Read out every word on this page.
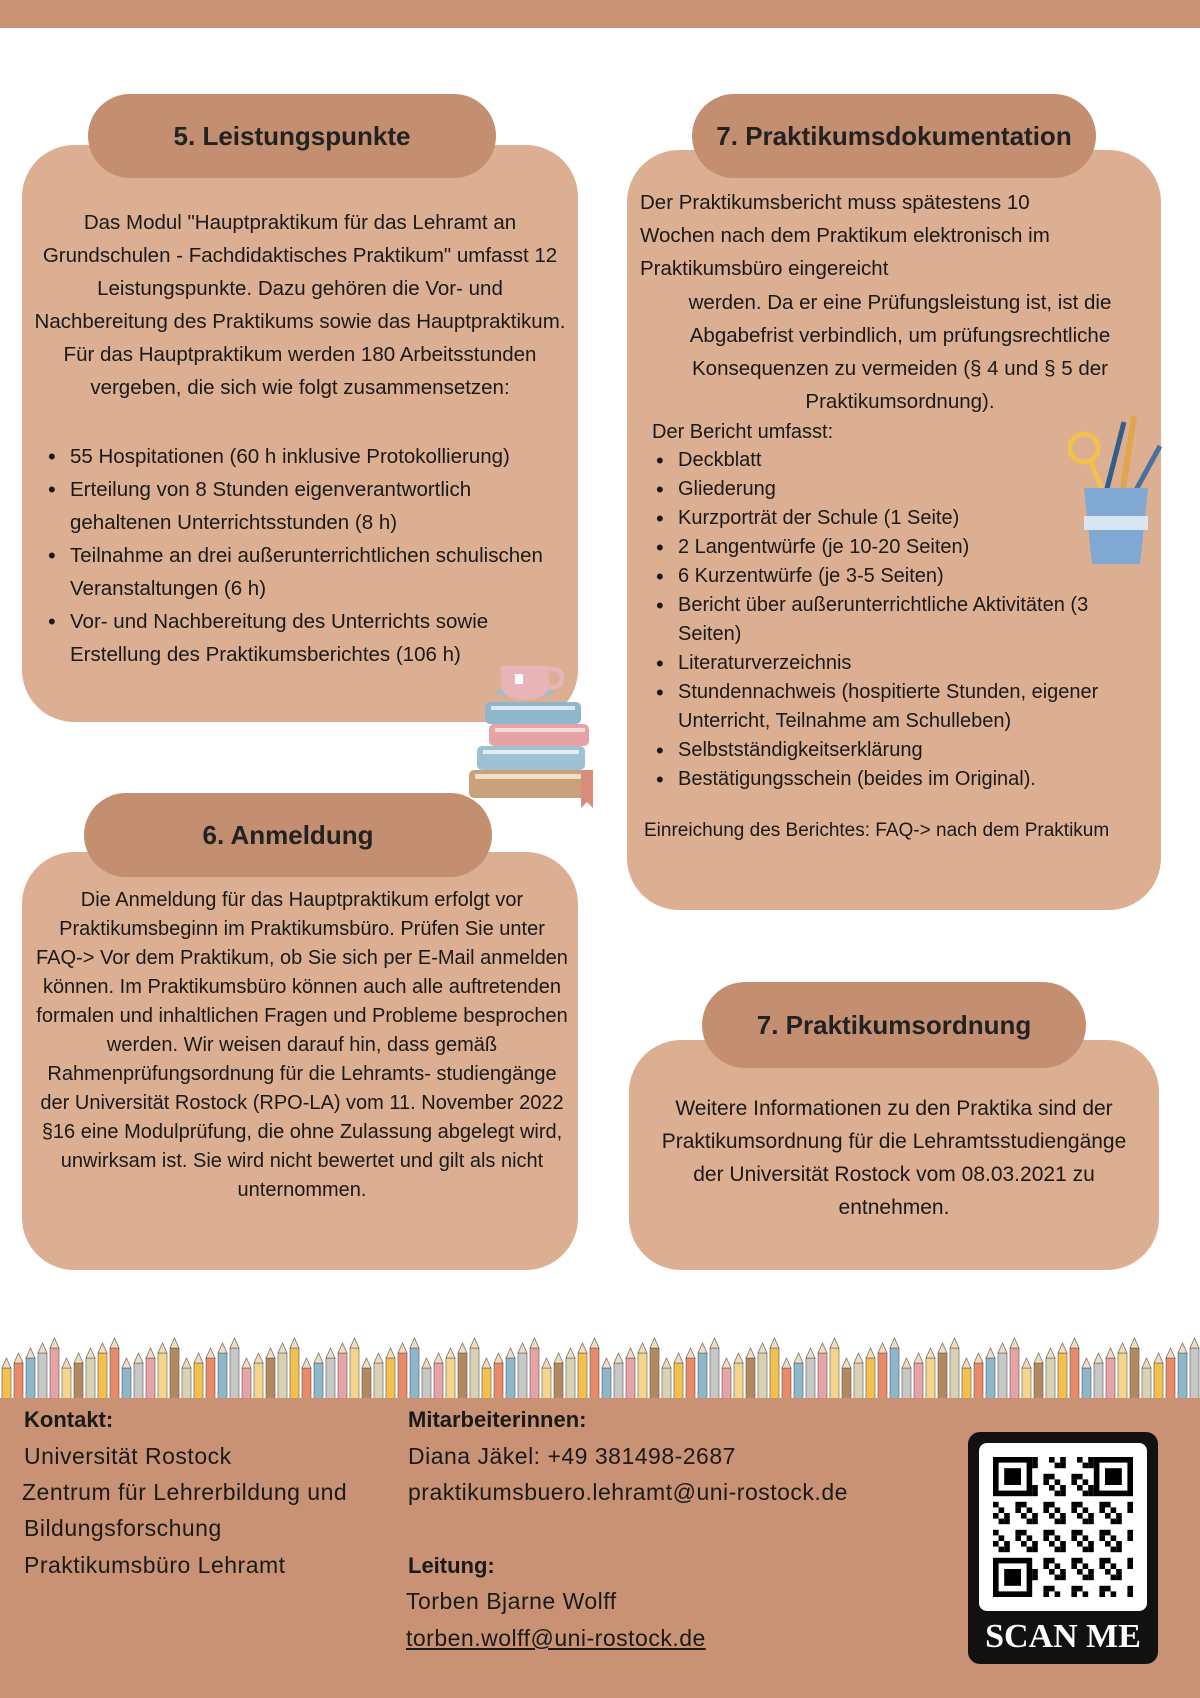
5. Leistungspunkte
Das Modul "Hauptpraktikum für das Lehramt an Grundschulen - Fachdidaktisches Praktikum" umfasst 12 Leistungspunkte. Dazu gehören die Vor- und Nachbereitung des Praktikums sowie das Hauptpraktikum. Für das Hauptpraktikum werden 180 Arbeitsstunden vergeben, die sich wie folgt zusammensetzen:
• 55 Hospitationen (60 h inklusive Protokollierung)
• Erteilung von 8 Stunden eigenverantwortlich gehaltenen Unterrichtsstunden (8 h)
• Teilnahme an drei außerunterrichtlichen schulischen Veranstaltungen (6 h)
• Vor- und Nachbereitung des Unterrichts sowie Erstellung des Praktikumsberichtes (106 h)
6. Anmeldung
Die Anmeldung für das Hauptpraktikum erfolgt vor Praktikumsbeginn im Praktikumsbüro. Prüfen Sie unter FAQ-> Vor dem Praktikum, ob Sie sich per E-Mail anmelden können. Im Praktikumsbüro können auch alle auftretenden formalen und inhaltlichen Fragen und Probleme besprochen werden. Wir weisen darauf hin, dass gemäß Rahmenprüfungsordnung für die Lehramts- studiengänge der Universität Rostock (RPO-LA) vom 11. November 2022 §16 eine Modulprüfung, die ohne Zulassung abgelegt wird, unwirksam ist. Sie wird nicht bewertet und gilt als nicht unternommen.
7. Praktikumsdokumentation
Der Praktikumsbericht muss spätestens 10 Wochen nach dem Praktikum elektronisch im Praktikumsbüro eingereicht
werden. Da er eine Prüfungsleistung ist, ist die Abgabefrist verbindlich, um prüfungsrechtliche Konsequenzen zu vermeiden (§ 4 und § 5 der Praktikumsordnung).
Der Bericht umfasst:
• Deckblatt
• Gliederung
• Kurzporträt der Schule (1 Seite)
• 2 Langentwürfe (je 10-20 Seiten)
• 6 Kurzentwürfe (je 3-5 Seiten)
• Bericht über außerunterrichtliche Aktivitäten (3 Seiten)
• Literaturverzeichnis
• Stundennachweis (hospitierte Stunden, eigener Unterricht, Teilnahme am Schulleben)
• Selbstständigkeitserklärung
• Bestätigungsschein (beides im Original).
Einreichung des Berichtes: FAQ-> nach dem Praktikum
7. Praktikumsordnung
Weitere Informationen zu den Praktika sind der Praktikumsordnung für die Lehramtsstudiengänge der Universität Rostock vom 08.03.2021 zu entnehmen.
Kontakt:
Universität Rostock
Zentrum für Lehrerbildung und
Bildungsforschung
Praktikumsbüro Lehramt
Mitarbeiterinnen:
Diana Jäkel: +49 381498-2687
praktikumsbuero.lehramt@uni-rostock.de
Leitung:
Torben Bjarne Wolff
torben.wolff@uni-rostock.de	SCAN ME
